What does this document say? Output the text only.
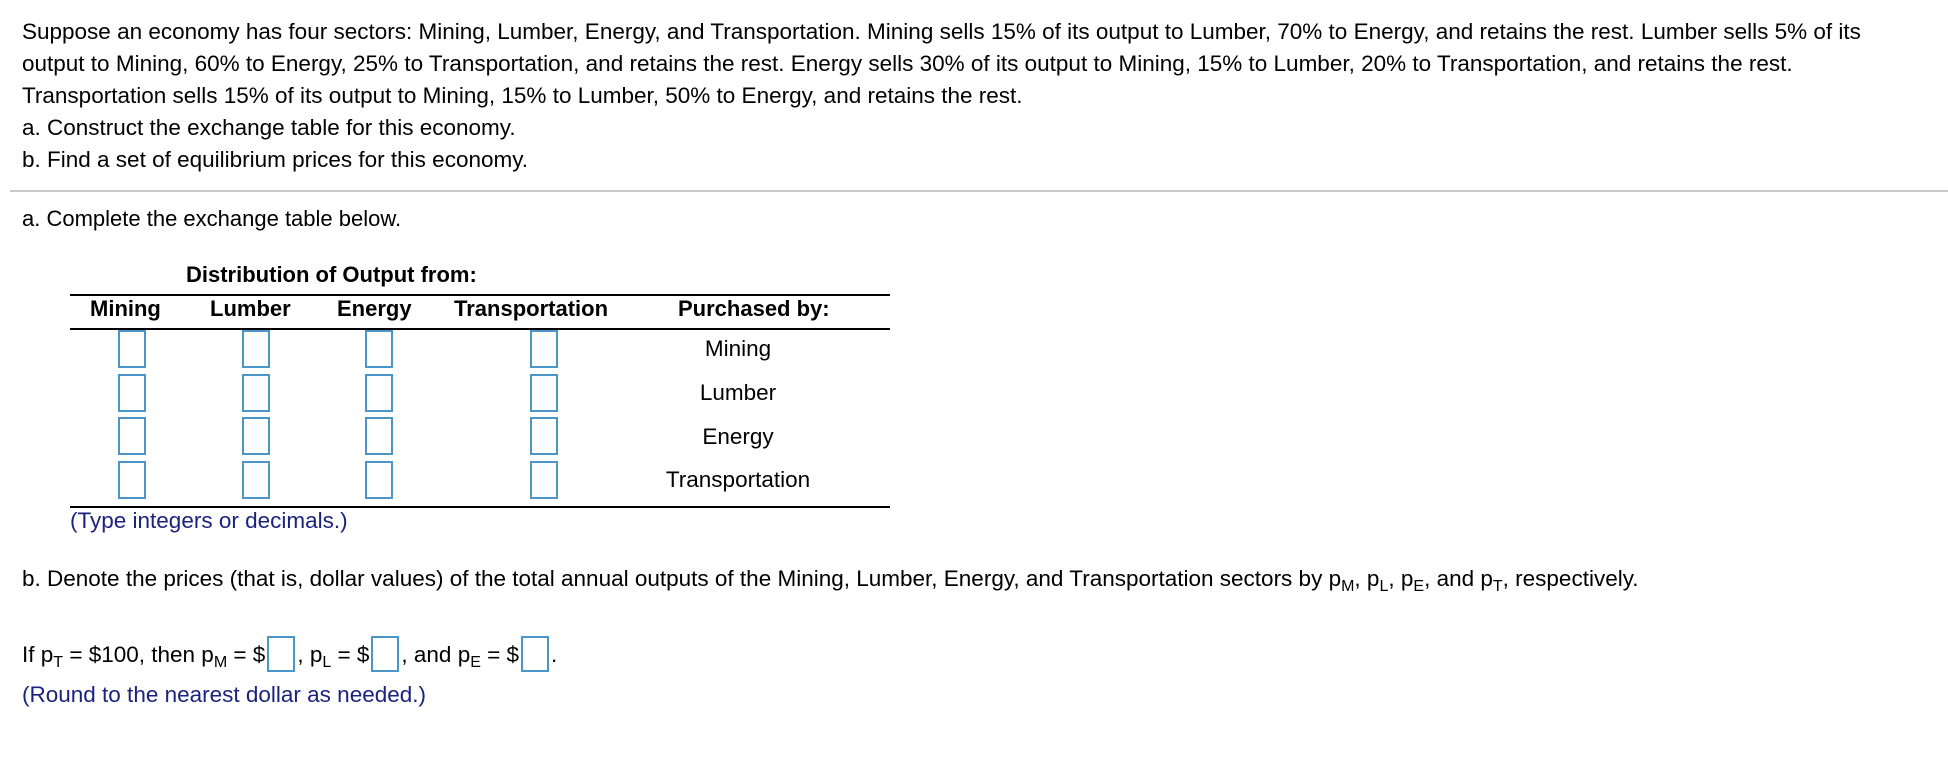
Suppose an economy has four sectors: Mining, Lumber, Energy, and Transportation. Mining sells 15% of its output to Lumber, 70% to Energy, and retains the rest. Lumber sells 5% of its output to Mining, 60% to Energy, 25% to Transportation, and retains the rest. Energy sells 30% of its output to Mining, 15% to Lumber, 20% to Transportation, and retains the rest. Transportation sells 15% of its output to Mining, 15% to Lumber, 50% to Energy, and retains the rest.

a. Construct the exchange table for this economy.

b. Find a set of equilibrium prices for this economy.

a. Complete the exchange table below.
Distribution of Output from:
Mining Lumber Energy Transportation	Purchased by:
Mining
Lumber
Energy
Transportation
(Type integers or decimals.)
b. Denote the prices (that is, dollar values) of the total annual outputs of the Mining, Lumber, Energy, and Transportation sectors by $p_M$, $p_L$, $p_E$, and $p_T$, respectively.
If $p_T$ = $100, then $p_M$ = $ , $p_L$ = $ , and $p_E$ = $ .
(Round to the nearest dollar as needed.)
